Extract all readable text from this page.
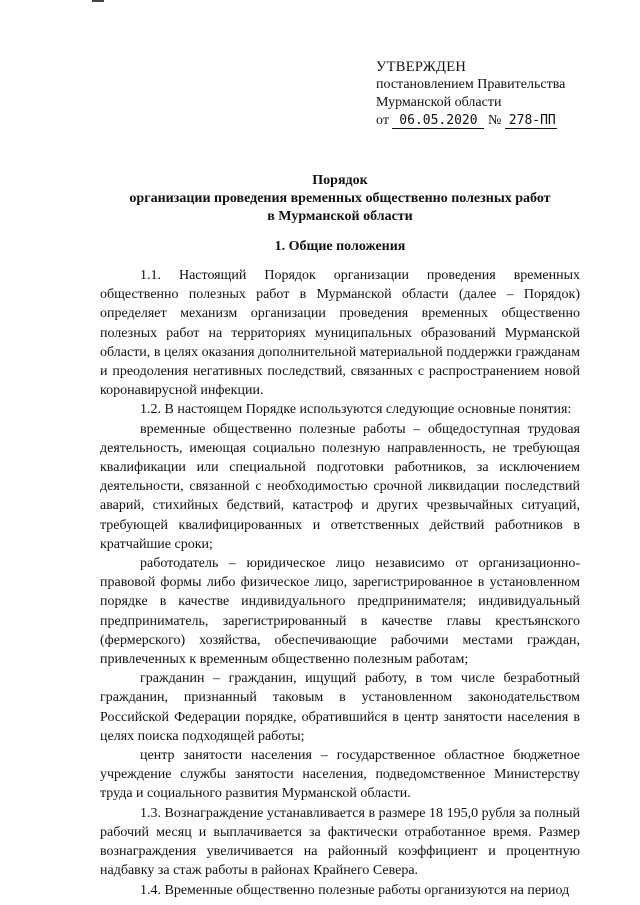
УТВЕРЖДЕН
постановлением Правительства
Мурманской области
от 06.05.2020 № 278-ПП
Порядок
организации проведения временных общественно полезных работ
в Мурманской области
1. Общие положения

1.1. Настоящий Порядок организации проведения временных общественно полезных работ в Мурманской области (далее – Порядок) определяет механизм организации проведения временных общественно полезных работ на территориях муниципальных образований Мурманской области, в целях оказания дополнительной материальной поддержки гражданам и преодоления негативных последствий, связанных с распространением новой коронавирусной инфекции.

1.2. В настоящем Порядке используются следующие основные понятия:

временные общественно полезные работы – общедоступная трудовая деятельность, имеющая социально полезную направленность, не требующая квалификации или специальной подготовки работников, за исключением деятельности, связанной с необходимостью срочной ликвидации последствий аварий, стихийных бедствий, катастроф и других чрезвычайных ситуаций, требующей квалифицированных и ответственных действий работников в кратчайшие сроки;

работодатель – юридическое лицо независимо от организационно-правовой формы либо физическое лицо, зарегистрированное в установленном порядке в качестве индивидуального предпринимателя; индивидуальный предприниматель, зарегистрированный в качестве главы крестьянского (фермерского) хозяйства, обеспечивающие рабочими местами граждан, привлеченных к временным общественно полезным работам;

гражданин – гражданин, ищущий работу, в том числе безработный гражданин, признанный таковым в установленном законодательством Российской Федерации порядке, обратившийся в центр занятости населения в целях поиска подходящей работы;

центр занятости населения – государственное областное бюджетное учреждение службы занятости населения, подведомственное Министерству труда и социального развития Мурманской области.

1.3. Вознаграждение устанавливается в размере 18 195,0 рубля за полный рабочий месяц и выплачивается за фактически отработанное время. Размер вознаграждения увеличивается на районный коэффициент и процентную надбавку за стаж работы в районах Крайнего Севера.

1.4. Временные общественно полезные работы организуются на период
